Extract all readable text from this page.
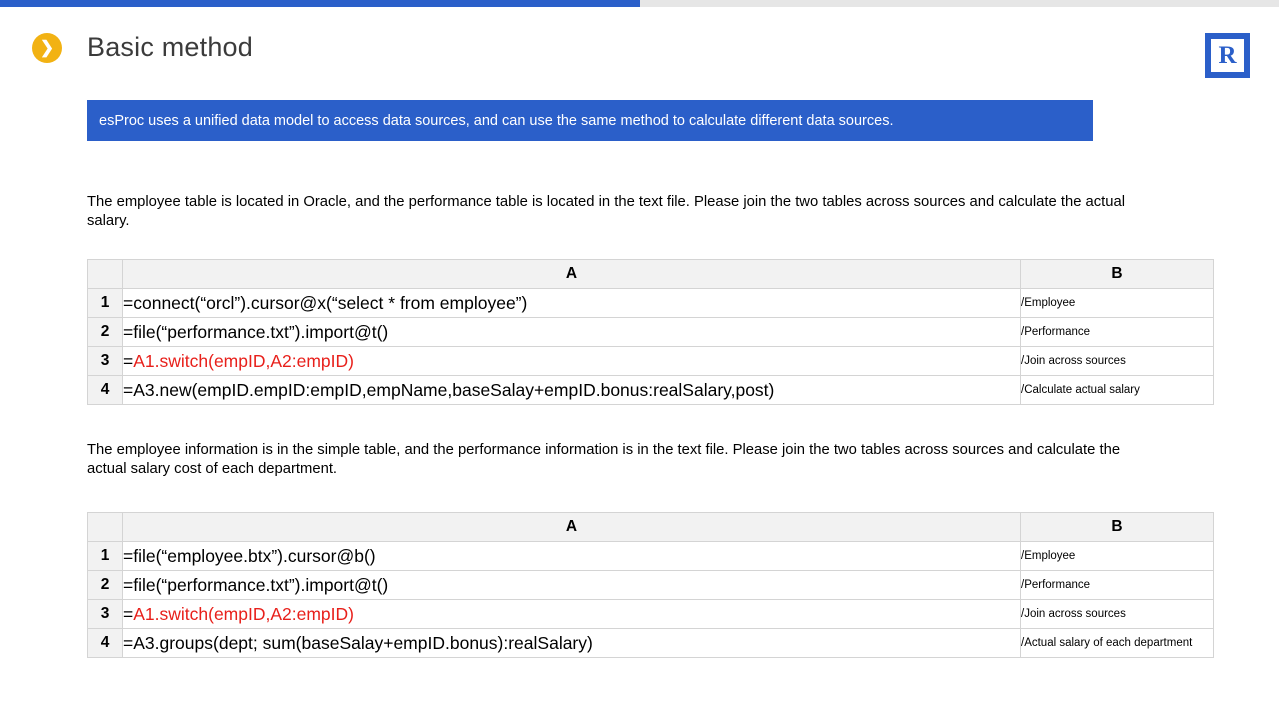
❯ Basic method	R
esProc uses a unified data model to access data sources, and can use the same method to calculate different data sources.
The employee table is located in Oracle, and the performance table is located in the text file. Please join the two tables across sources and calculate the actual salary.
	A	B
1	=connect(“orcl”).cursor@x(“select * from employee”)	/Employee
2	=file(“performance.txt”).import@t()	/Performance
3	=A1.switch(empID,A2:empID)	/Join across sources
4	=A3.new(empID.empID:empID,empName,baseSalay+empID.bonus:realSalary,post)	/Calculate actual salary
The employee information is in the simple table, and the performance information is in the text file. Please join the two tables across sources and calculate the actual salary cost of each department.
	A	B
1	=file(“employee.btx”).cursor@b()	/Employee
2	=file(“performance.txt”).import@t()	/Performance
3	=A1.switch(empID,A2:empID)	/Join across sources
4	=A3.groups(dept; sum(baseSalay+empID.bonus):realSalary)	/Actual salary of each department
